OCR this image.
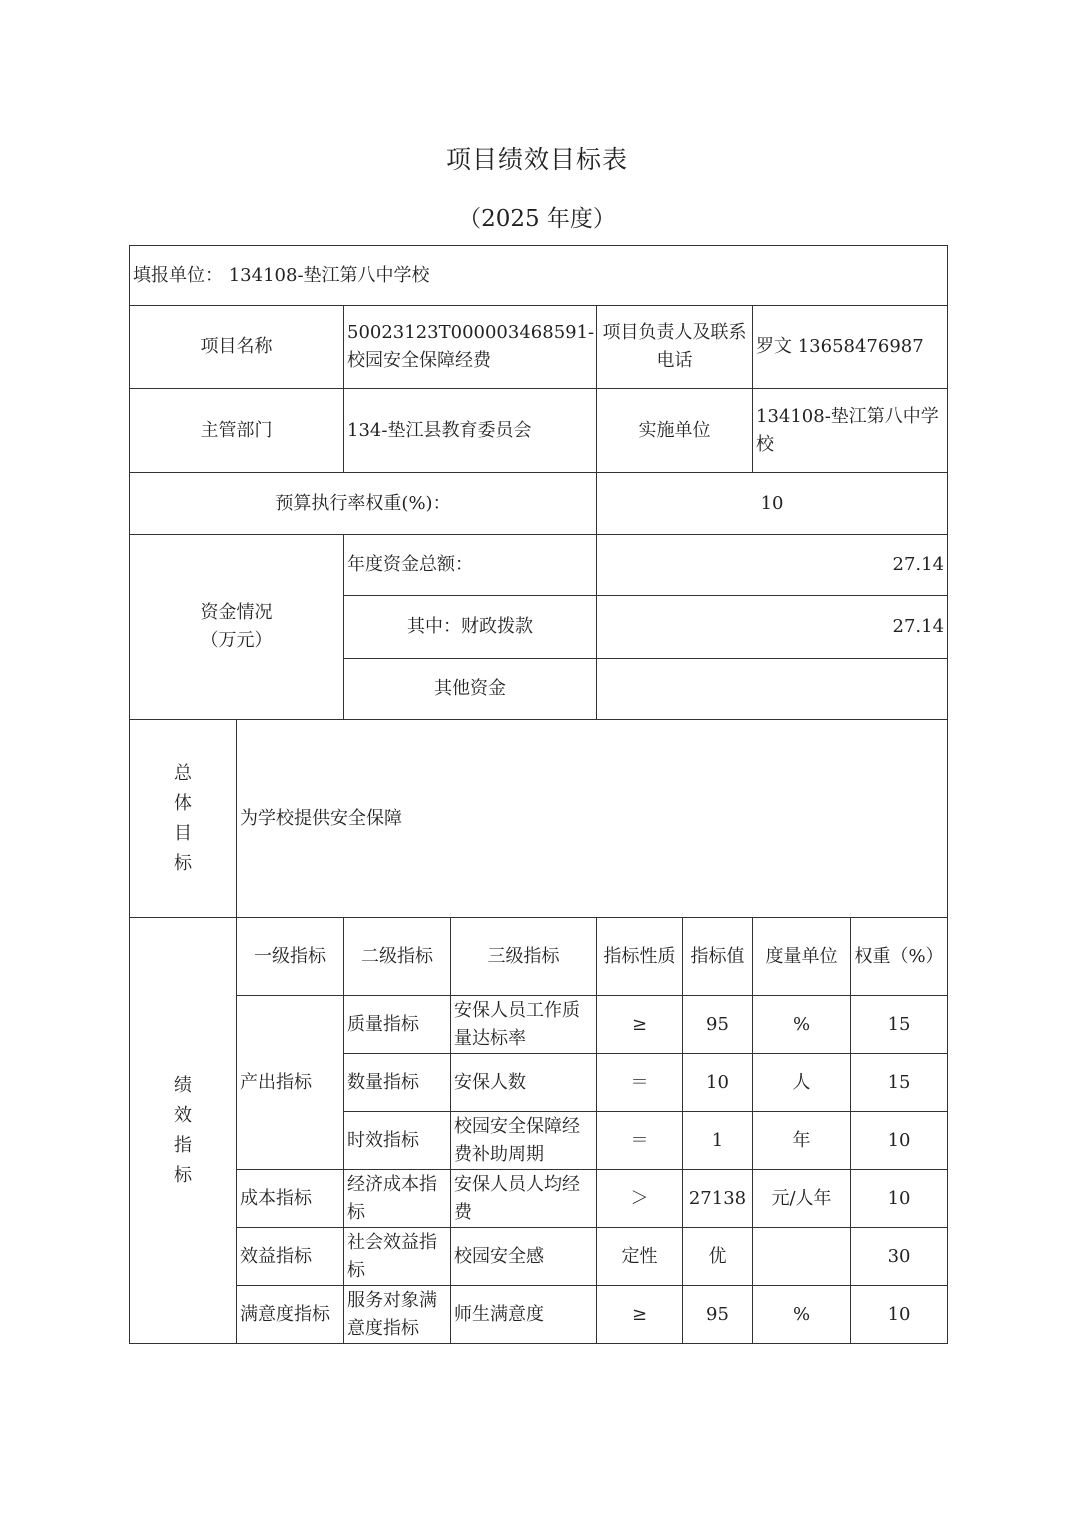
项目绩效目标表
（2025 年度）
填报单位： 134108-垫江第八中学校							
项目名称		50023123T000003468591-校园安全保障经费		项目负责人及联系电话		罗文 13658476987	
主管部门		134-垫江县教育委员会		实施单位		134108-垫江第八中学校	
预算执行率权重(%)：				10			

资金情况
（万元）		年度资金总额：		27.14			
		其中：财政拨款		27.14			
		其他资金					

总
体
目
标	为学校提供安全保障						

绩
效
指
标	一级指标	二级指标	三级指标	指标性质	指标值	度量单位	权重（%）
	产出指标	质量指标	安保人员工作质量达标率	≥	95	%	15
		数量指标	安保人数	＝	10	人	15
		时效指标	校园安全保障经费补助周期	＝	1	年	10
	成本指标	经济成本指标	安保人员人均经费	＞	27138	元/人年	10
	效益指标	社会效益指标	校园安全感	定性	优		30
	满意度指标	服务对象满意度指标	师生满意度	≥	95	%	10
